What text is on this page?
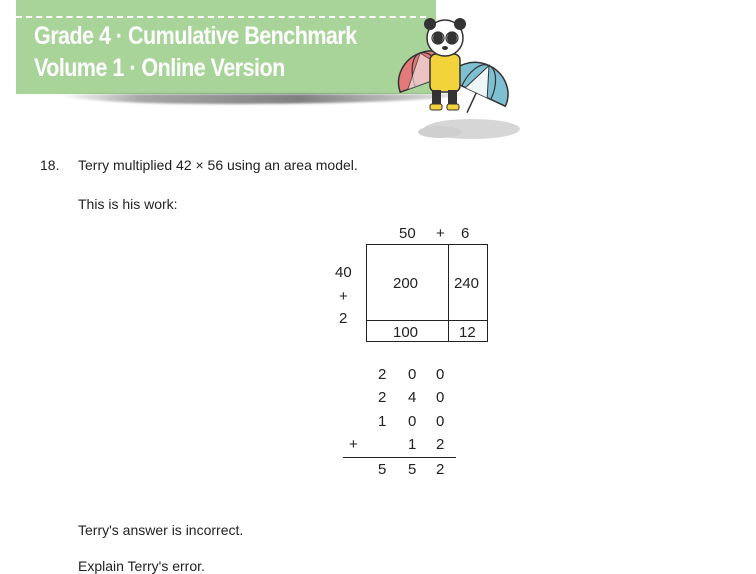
Grade 4 · Cumulative Benchmark
Volume 1 · Online Version
18. Terry multiplied 42 × 56 using an area model.
This is his work:
50 + 6
40
+
2
200 240
100	12
2 0 0
2 4 0
1 0 0
+	1 2
5 5 2
Terry's answer is incorrect.
Explain Terry's error.
